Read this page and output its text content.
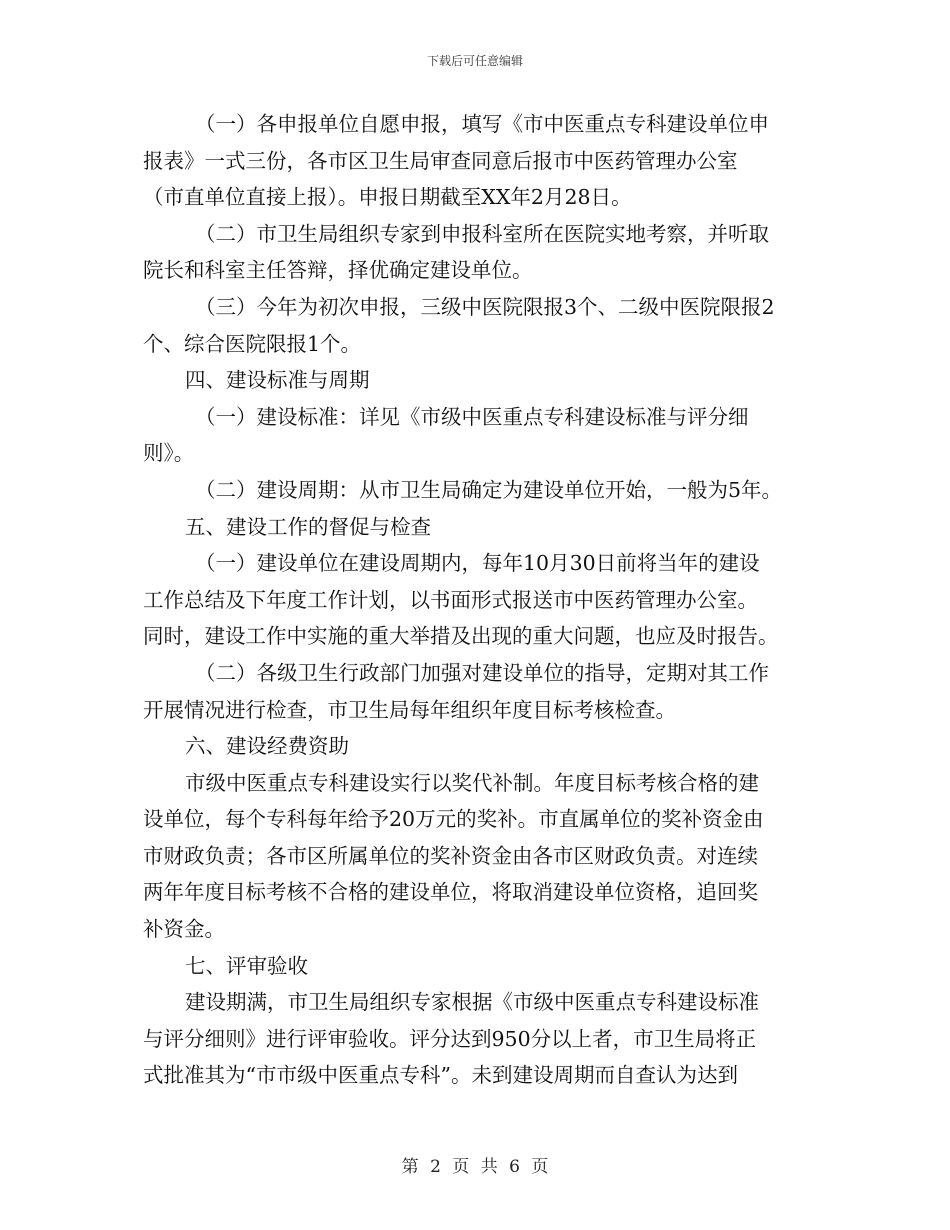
下载后可任意编辑
（一）各申报单位自愿申报，填写《市中医重点专科建设单位申
报表》一式三份，各市区卫生局审查同意后报市中医药管理办公室
（市直单位直接上报）。申报日期截至XX年2月28日。
（二）市卫生局组织专家到申报科室所在医院实地考察，并听取
院长和科室主任答辩，择优确定建设单位。
（三）今年为初次申报，三级中医院限报3个、二级中医院限报2
个、综合医院限报1个。
四、建设标准与周期
（一）建设标准：详见《市级中医重点专科建设标准与评分细
则》。
（二）建设周期：从市卫生局确定为建设单位开始，一般为5年。
五、建设工作的督促与检查
（一）建设单位在建设周期内，每年10月30日前将当年的建设
工作总结及下年度工作计划，以书面形式报送市中医药管理办公室。
同时，建设工作中实施的重大举措及出现的重大问题，也应及时报告。
（二）各级卫生行政部门加强对建设单位的指导，定期对其工作
开展情况进行检查，市卫生局每年组织年度目标考核检查。
六、建设经费资助
市级中医重点专科建设实行以奖代补制。年度目标考核合格的建
设单位，每个专科每年给予20万元的奖补。市直属单位的奖补资金由
市财政负责；各市区所属单位的奖补资金由各市区财政负责。对连续
两年年度目标考核不合格的建设单位，将取消建设单位资格，追回奖
补资金。
七、评审验收
建设期满，市卫生局组织专家根据《市级中医重点专科建设标准
与评分细则》进行评审验收。评分达到950分以上者，市卫生局将正
式批准其为“市市级中医重点专科”。未到建设周期而自查认为达到
第 2 页 共 6 页
